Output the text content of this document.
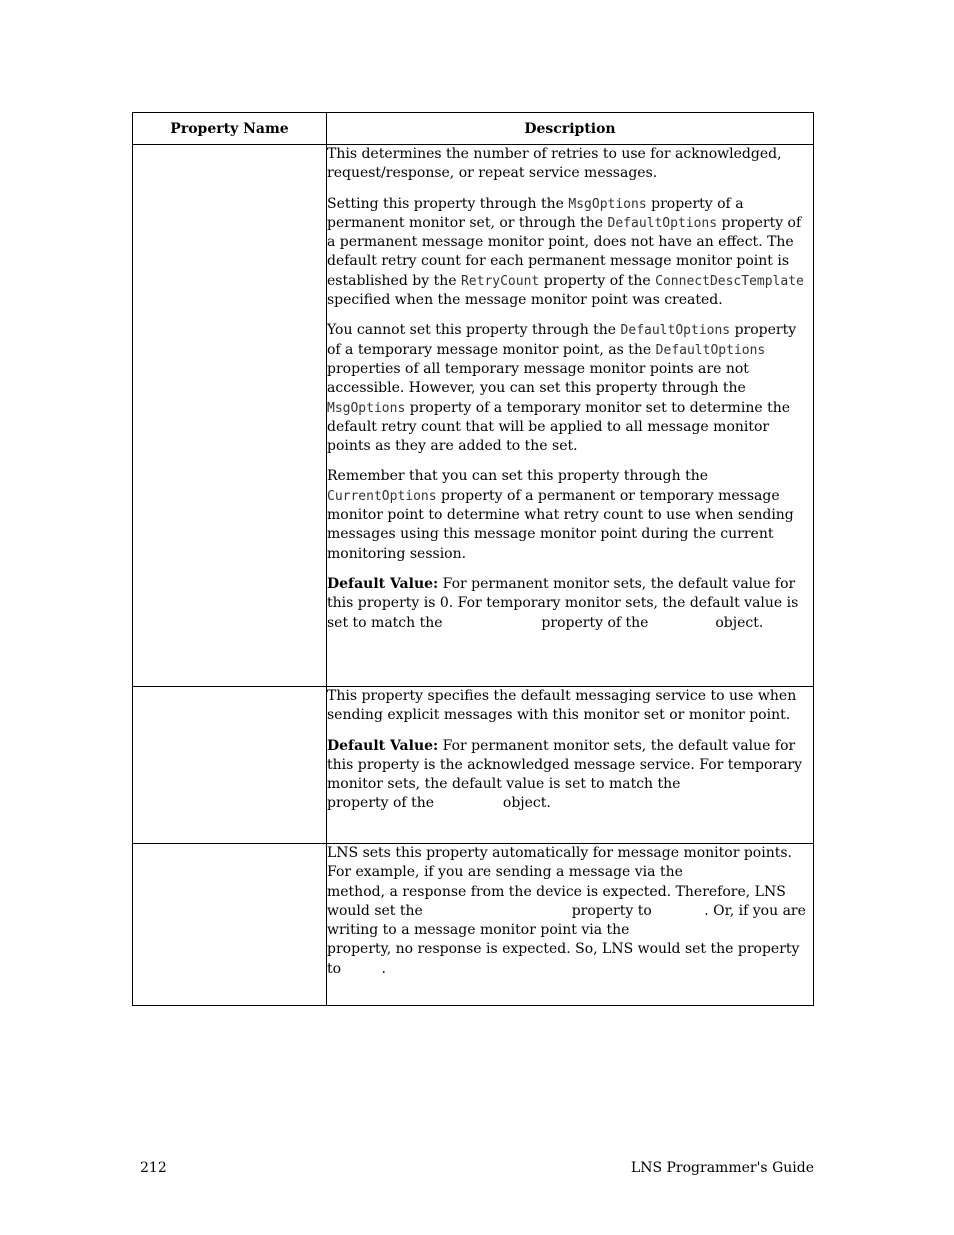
Property Name	Description

	This determines the number of retries to use for acknowledged, request/response, or repeat service messages.

Setting this property through the MsgOptions property of a permanent monitor set, or through the DefaultOptions property of a permanent message monitor point, does not have an effect. The default retry count for each permanent message monitor point is established by the RetryCount property of the ConnectDescTemplate specified when the message monitor point was created.

You cannot set this property through the DefaultOptions property of a temporary message monitor point, as the DefaultOptions properties of all temporary message monitor points are not accessible. However, you can set this property through the MsgOptions property of a temporary monitor set to determine the default retry count that will be applied to all message monitor points as they are added to the set.

Remember that you can set this property through the CurrentOptions property of a permanent or temporary message monitor point to determine what retry count to use when sending messages using this message monitor point during the current monitoring session.

Default Value: For permanent monitor sets, the default value for this property is 0. For temporary monitor sets, the default value is set to match the property of the object.

	This property specifies the default messaging service to use when sending explicit messages with this monitor set or monitor point.

Default Value: For permanent monitor sets, the default value for this property is the acknowledged message service. For temporary monitor sets, the default value is set to match the  property of the object.

	LNS sets this property automatically for message monitor points. For example, if you are sending a message via the  method, a response from the device is expected. Therefore, LNS would set the property to . Or, if you are writing to a message monitor point via the  property, no response is expected. So, LNS would set the property to .

212	LNS Programmer's Guide
